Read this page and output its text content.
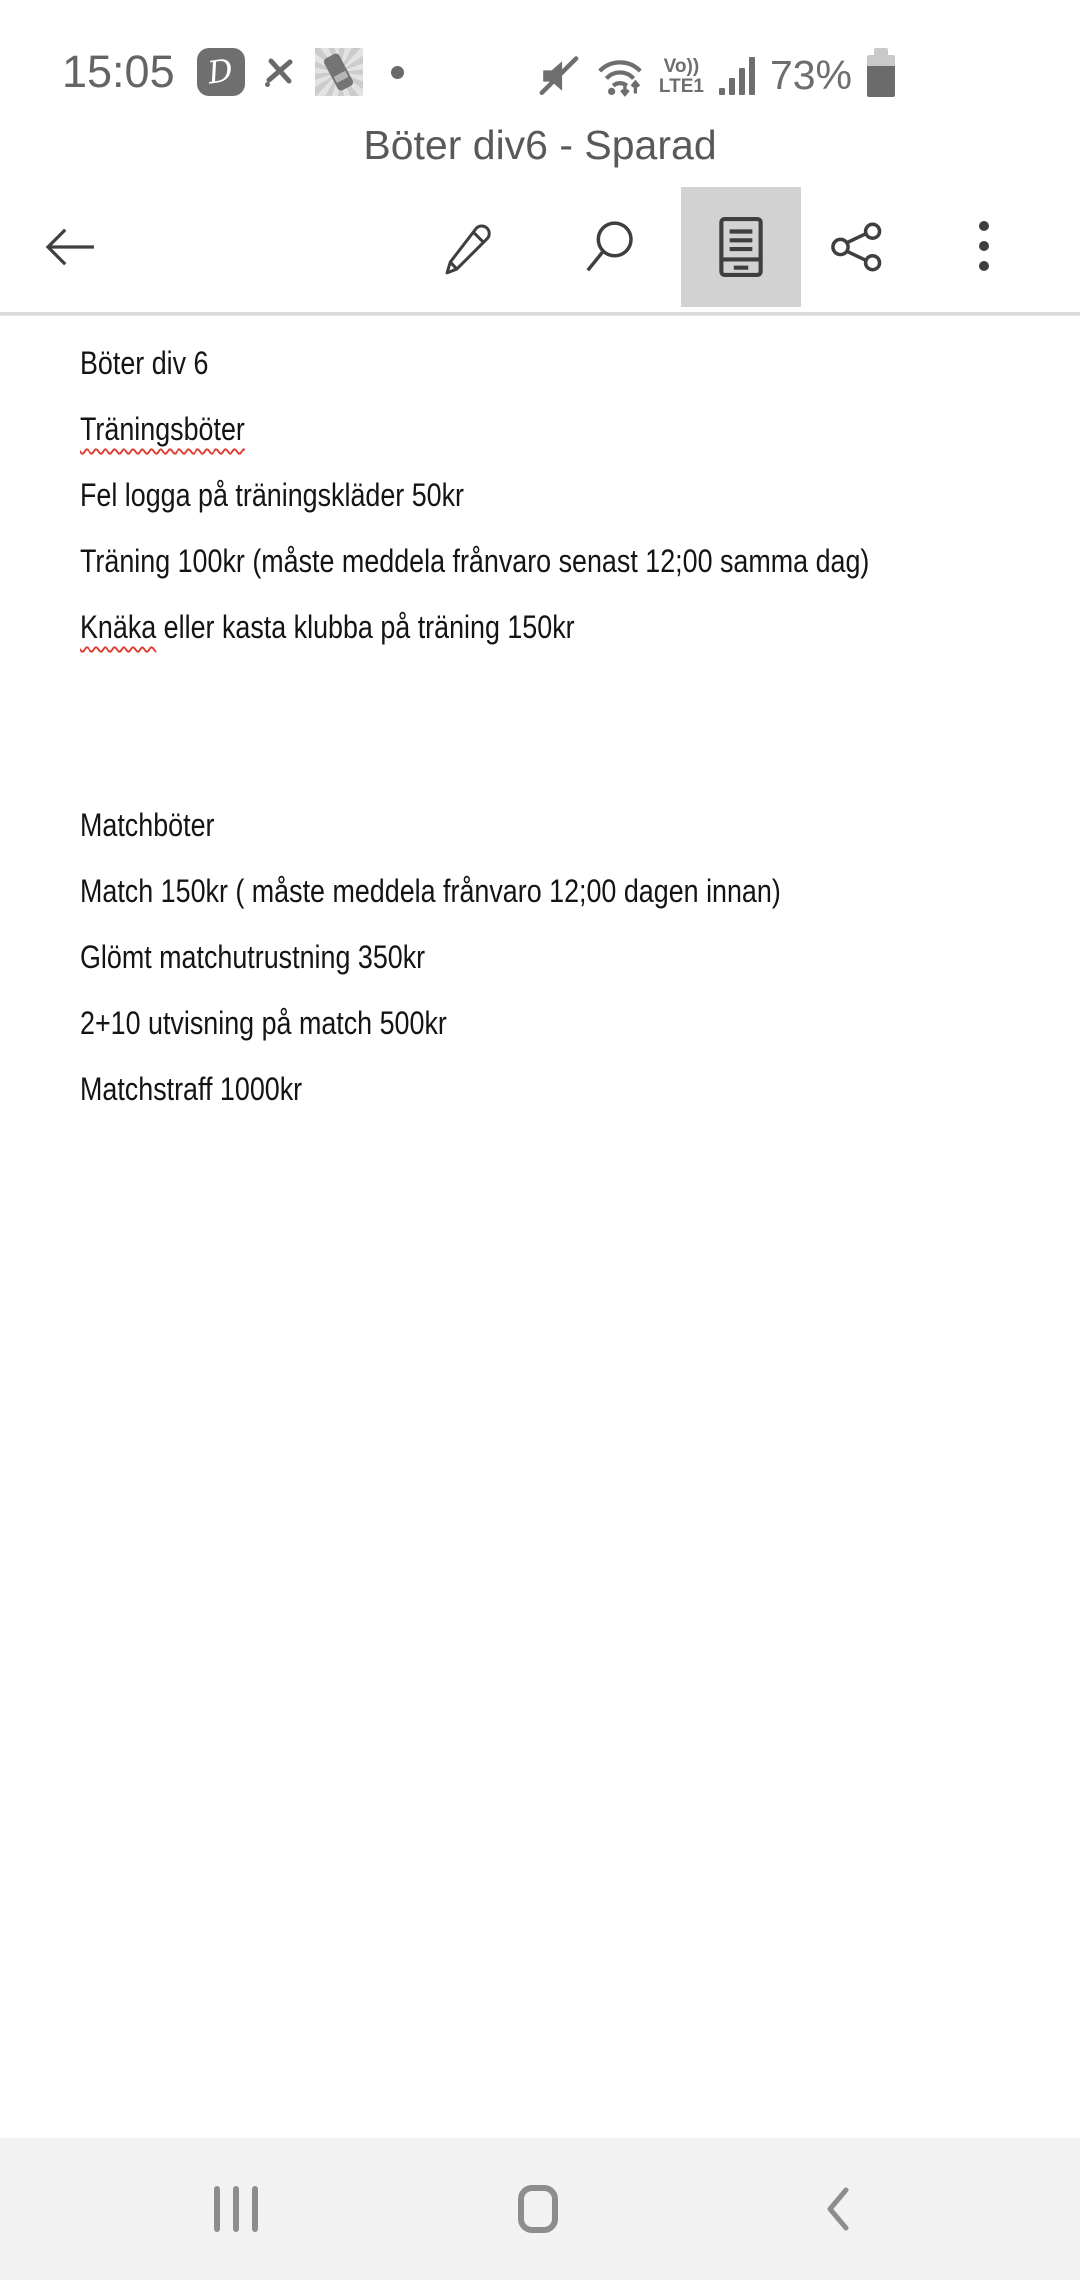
15:05 D	Vo))
LTE1 73%
Böter div6 - Sparad

Böter div 6

Träningsböter

Fel logga på träningskläder 50kr

Träning 100kr (måste meddela frånvaro senast 12;00 samma dag)

Knäka eller kasta klubba på träning 150kr

Matchböter

Match 150kr ( måste meddela frånvaro 12;00 dagen innan)

Glömt matchutrustning 350kr

2+10 utvisning på match 500kr

Matchstraff 1000kr
